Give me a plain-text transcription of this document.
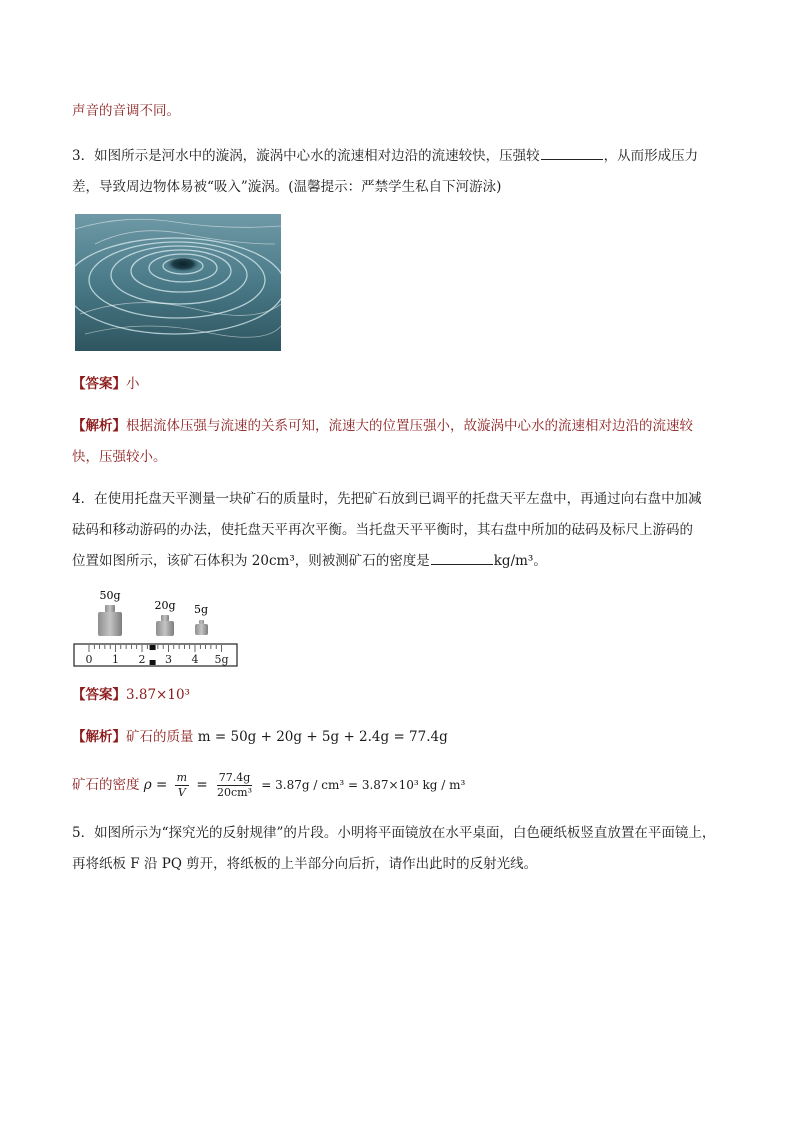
声音的音调不同。
3．如图所示是河水中的漩涡，漩涡中心水的流速相对边沿的流速较快，压强较	，从而形成压力
差，导致周边物体易被“吸入”漩涡。(温馨提示：严禁学生私自下河游泳)
【答案】小
【解析】根据流体压强与流速的关系可知，流速大的位置压强小，故漩涡中心水的流速相对边沿的流速较
快，压强较小。
4．在使用托盘天平测量一块矿石的质量时，先把矿石放到已调平的托盘天平左盘中，再通过向右盘中加减
砝码和移动游码的办法，使托盘天平再次平衡。当托盘天平平衡时，其右盘中所加的砝码及标尺上游码的
位置如图所示，该矿石体积为 20cm³，则被测矿石的密度是	kg/m³。
50g
20g 5g
0 1 2 3 4 5g
【答案】3.87×10³
【解析】矿石的质量 m = 50g + 20g + 5g + 2.4g = 77.4g
矿石的密度 $\rho = \frac{m}{V} = \frac{77.4g}{\text{20cm³}} = 3.87g / cm^3 = 3.87\times 10^3$ kg / m³
5．如图所示为“探究光的反射规律”的片段。小明将平面镜放在水平桌面，白色硬纸板竖直放置在平面镜上，
再将纸板 F 沿 PQ 剪开，将纸板的上半部分向后折，请作出此时的反射光线。
